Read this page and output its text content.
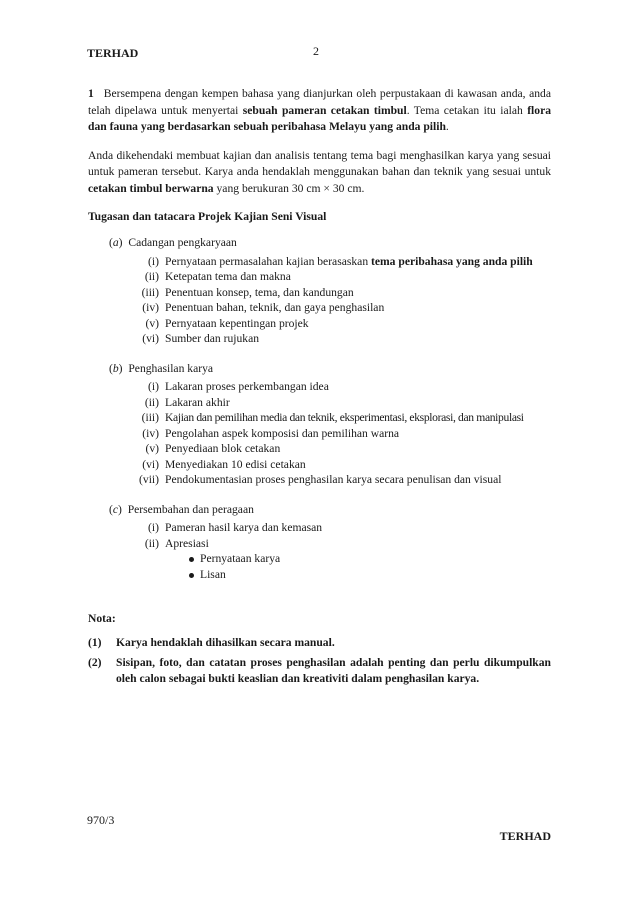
TERHAD	2

1 Bersempena dengan kempen bahasa yang dianjurkan oleh perpustakaan di kawasan anda, anda telah dipelawa untuk menyertai sebuah pameran cetakan timbul. Tema cetakan itu ialah flora dan fauna yang berdasarkan sebuah peribahasa Melayu yang anda pilih.

Anda dikehendaki membuat kajian dan analisis tentang tema bagi menghasilkan karya yang sesuai untuk pameran tersebut. Karya anda hendaklah menggunakan bahan dan teknik yang sesuai untuk cetakan timbul berwarna yang berukuran 30 cm × 30 cm.

Tugasan dan tatacara Projek Kajian Seni Visual

(a)  Cadangan pengkaryaan
(i) Pernyataan permasalahan kajian berasaskan tema peribahasa yang anda pilih
(ii) Ketepatan tema dan makna
(iii) Penentuan konsep, tema, dan kandungan
(iv) Penentuan bahan, teknik, dan gaya penghasilan
(v) Pernyataan kepentingan projek
(vi) Sumber dan rujukan
(b)  Penghasilan karya
(i) Lakaran proses perkembangan idea
(ii) Lakaran akhir
(iii) Kajian dan pemilihan media dan teknik, eksperimentasi, eksplorasi, dan manipulasi
(iv) Pengolahan aspek komposisi dan pemilihan warna
(v) Penyediaan blok cetakan
(vi) Menyediakan 10 edisi cetakan
(vii) Pendokumentasian proses penghasilan karya secara penulisan dan visual
(c)  Persembahan dan peragaan
(i) Pameran hasil karya dan kemasan
(ii) Apresiasi
Pernyataan karya
Lisan
Nota:
(1)	Karya hendaklah dihasilkan secara manual.
(2)	Sisipan, foto, dan catatan proses penghasilan adalah penting dan perlu dikumpulkan oleh calon sebagai bukti keaslian dan kreativiti dalam penghasilan karya.
970/3
TERHAD
